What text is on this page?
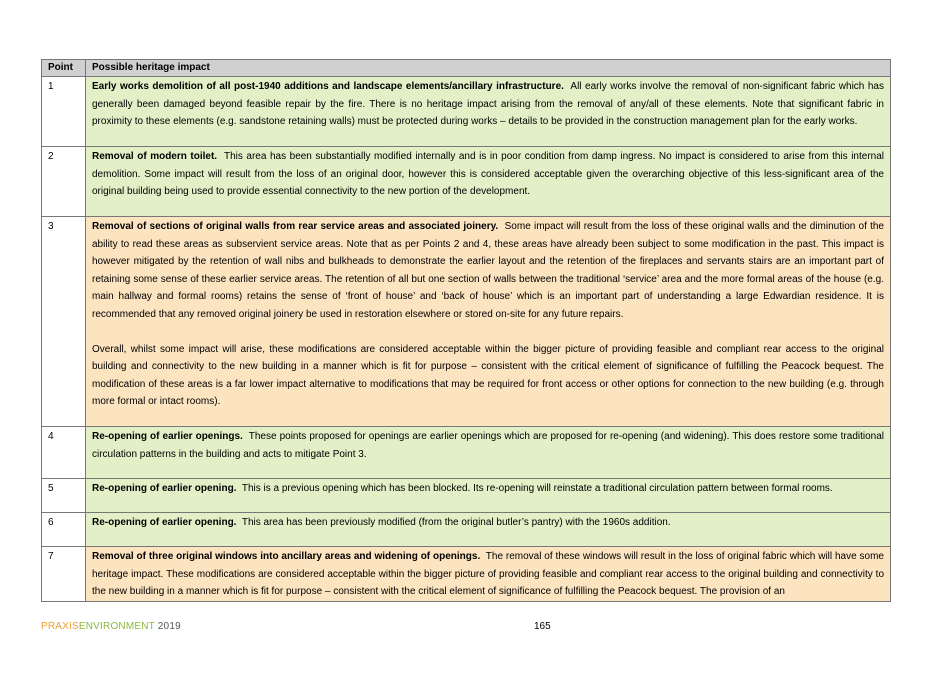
Point	Possible heritage impact
1	Early works demolition of all post-1940 additions and landscape elements/ancillary infrastructure. All early works involve the removal of non-significant fabric which has generally been damaged beyond feasible repair by the fire. There is no heritage impact arising from the removal of any/all of these elements. Note that significant fabric in proximity to these elements (e.g. sandstone retaining walls) must be protected during works – details to be provided in the construction management plan for the early works.

2	Removal of modern toilet. This area has been substantially modified internally and is in poor condition from damp ingress. No impact is considered to arise from this internal demolition. Some impact will result from the loss of an original door, however this is considered acceptable given the overarching objective of this less-significant area of the original building being used to provide essential connectivity to the new portion of the development.

3	Removal of sections of original walls from rear service areas and associated joinery. Some impact will result from the loss of these original walls and the diminution of the ability to read these areas as subservient service areas. Note that as per Points 2 and 4, these areas have already been subject to some modification in the past. This impact is however mitigated by the retention of wall nibs and bulkheads to demonstrate the earlier layout and the retention of the fireplaces and servants stairs are an important part of retaining some sense of these earlier service areas. The retention of all but one section of walls between the traditional ‘service’ area and the more formal areas of the house (e.g. main hallway and formal rooms) retains the sense of ‘front of house’ and ‘back of house’ which is an important part of understanding a large Edwardian residence. It is recommended that any removed original joinery be used in restoration elsewhere or stored on-site for any future repairs.

Overall, whilst some impact will arise, these modifications are considered acceptable within the bigger picture of providing feasible and compliant rear access to the original building and connectivity to the new building in a manner which is fit for purpose – consistent with the critical element of significance of fulfilling the Peacock bequest. The modification of these areas is a far lower impact alternative to modifications that may be required for front access or other options for connection to the new building (e.g. through more formal or intact rooms).

4	Re-opening of earlier openings. These points proposed for openings are earlier openings which are proposed for re-opening (and widening). This does restore some traditional circulation patterns in the building and acts to mitigate Point 3.

5	Re-opening of earlier opening. This is a previous opening which has been blocked. Its re-opening will reinstate a traditional circulation pattern between formal rooms.

6	Re-opening of earlier opening. This area has been previously modified (from the original butler’s pantry) with the 1960s addition.

7	Removal of three original windows into ancillary areas and widening of openings. The removal of these windows will result in the loss of original fabric which will have some heritage impact. These modifications are considered acceptable within the bigger picture of providing feasible and compliant rear access to the original building and connectivity to the new building in a manner which is fit for purpose – consistent with the critical element of significance of fulfilling the Peacock bequest. The provision of an

PRAXISENVIRONMENT 2019	165
